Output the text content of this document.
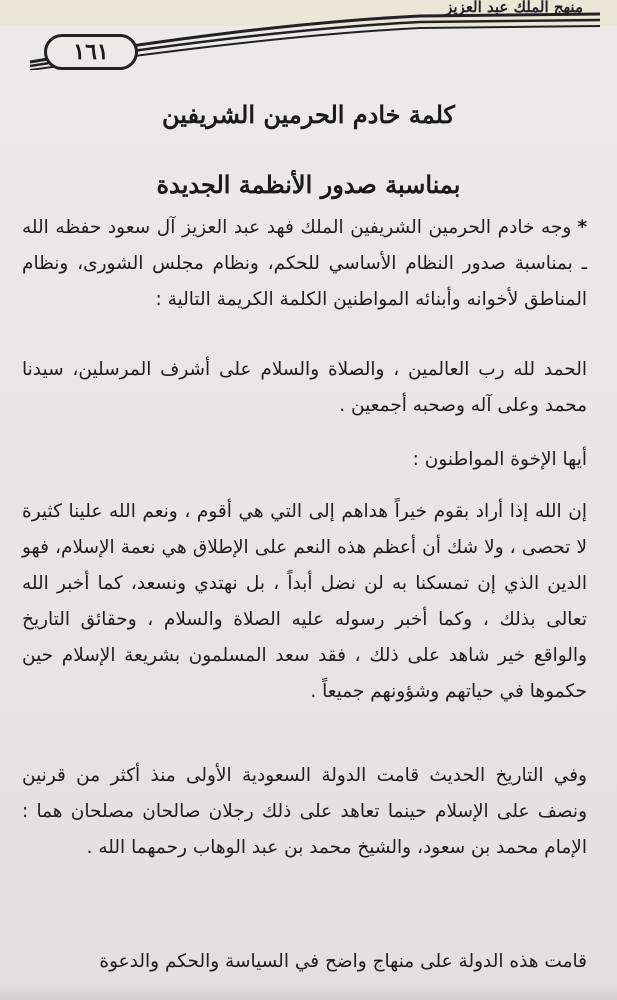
منهج الملك عبد العزيز
١٦١
كلمة خادم الحرمين الشريفين
بمناسبة صدور الأنظمة الجديدة
*وجه خادم الحرمين الشريفين الملك فهد عبد العزيز آل سعود حفظه الله ـ بمناسبة صدور النظام الأساسي للحكم، ونظام مجلس الشورى، ونظام المناطق لأخوانه وأبنائه المواطنين الكلمة الكريمة التالية :
الحمد لله رب العالمين ، والصلاة والسلام على أشرف المرسلين، سيدنا محمد وعلى آله وصحبه أجمعين .
أيها الإخوة المواطنون :
إن الله إذا أراد بقوم خيراً هداهم إلى التي هي أقوم ، ونعم الله علينا كثيرة لا تحصى ، ولا شك أن أعظم هذه النعم على الإطلاق هي نعمة الإسلام، فهو الدين الذي إن تمسكنا به لن نضل أبداً ، بل نهتدي ونسعد، كما أخبر الله تعالى بذلك ، وكما أخبر رسوله عليه الصلاة والسلام ، وحقائق التاريخ والواقع خير شاهد على ذلك ، فقد سعد المسلمون بشريعة الإسلام حين حكموها في حياتهم وشؤونهم جميعاً .
وفي التاريخ الحديث قامت الدولة السعودية الأولى منذ أكثر من قرنين ونصف على الإسلام حينما تعاهد على ذلك رجلان صالحان مصلحان هما : الإمام محمد بن سعود، والشيخ محمد بن عبد الوهاب رحمهما الله .
قامت هذه الدولة على منهاج واضح في السياسة والحكم والدعوة
